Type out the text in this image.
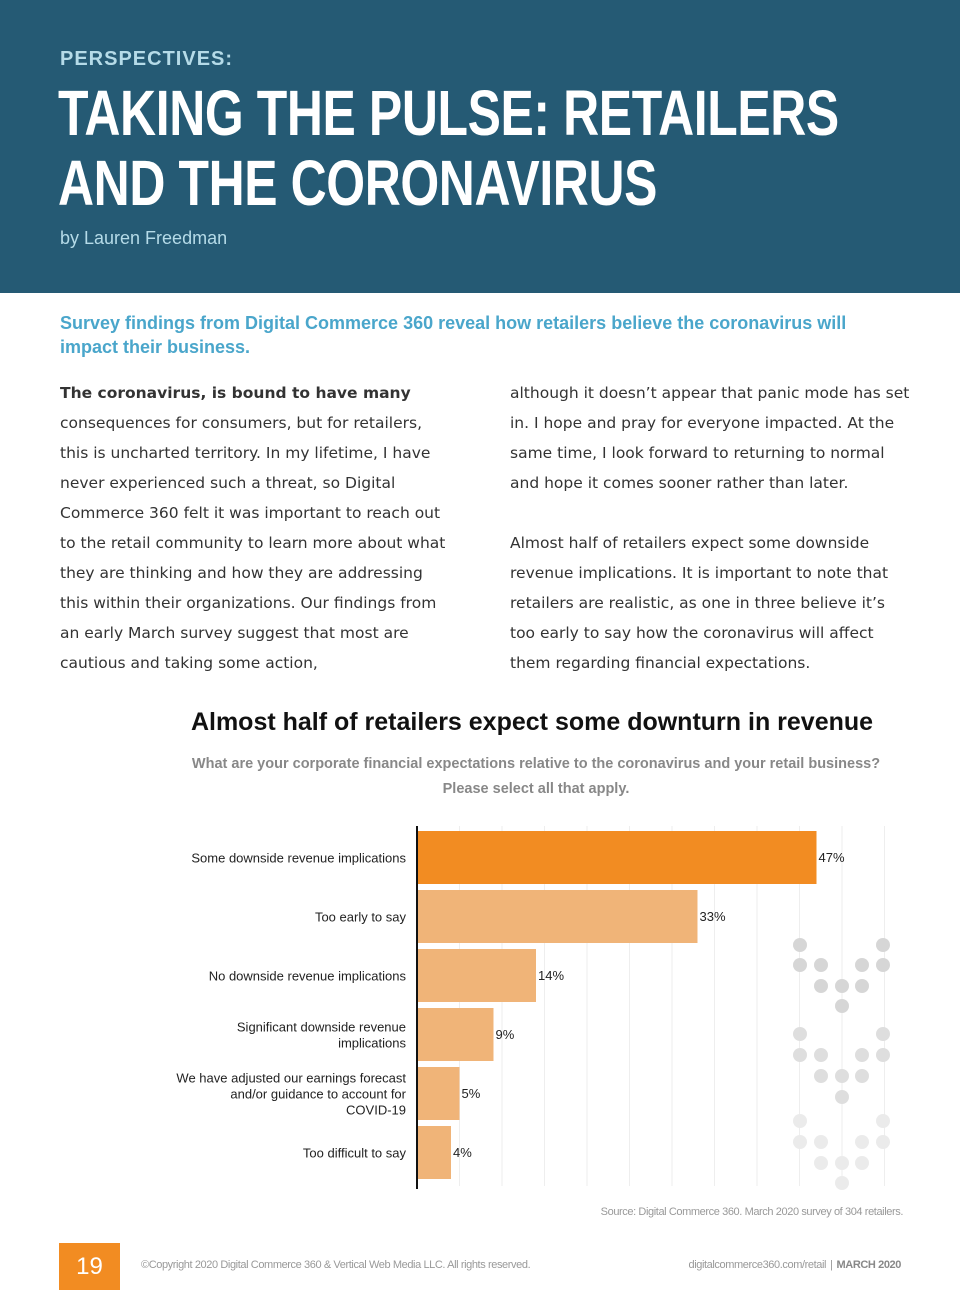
PERSPECTIVES:
TAKING THE PULSE: RETAILERS
AND THE CORONAVIRUS
by Lauren Freedman
Survey findings from Digital Commerce 360 reveal how retailers believe the coronavirus will impact their business.

The coronavirus, is bound to have many consequences for consumers, but for retailers, this is uncharted territory. In my lifetime, I have never experienced such a threat, so Digital Commerce 360 felt it was important to reach out to the retail community to learn more about what they are thinking and how they are addressing this within their organizations. Our findings from an early March survey suggest that most are cautious and taking some action,

although it doesn’t appear that panic mode has set in. I hope and pray for everyone impacted. At the same time, I look forward to returning to normal and hope it comes sooner rather than later.

Almost half of retailers expect some downside revenue implications. It is important to note that retailers are realistic, as one in three believe it’s too early to say how the coronavirus will affect them regarding financial expectations.

Almost half of retailers expect some downturn in revenue
What are your corporate financial expectations relative to the coronavirus and your retail business?
Please select all that apply.
47%
Some downside revenue implications
33%
Too early to say
14%
No downside revenue implications
9%
Significant downside revenue
implications
5%
We have adjusted our earnings forecast
and/or guidance to account for
COVID-19
4%
Too difficult to say
Source: Digital Commerce 360. March 2020 survey of 304 retailers.
19	©Copyright 2020 Digital Commerce 360 & Vertical Web Media LLC. All rights reserved.	digitalcommerce360.com/retail | MARCH 2020
